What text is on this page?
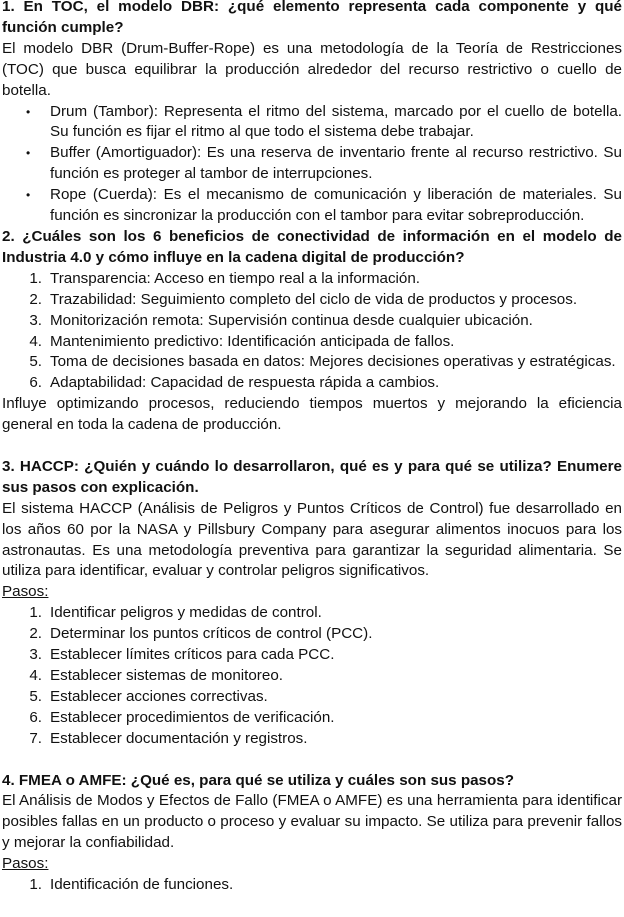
1. En TOC, el modelo DBR: ¿qué elemento representa cada componente y qué función cumple?

El modelo DBR (Drum-Buffer-Rope) es una metodología de la Teoría de Restricciones (TOC) que busca equilibrar la producción alrededor del recurso restrictivo o cuello de botella.

• Drum (Tambor): Representa el ritmo del sistema, marcado por el cuello de botella. Su función es fijar el ritmo al que todo el sistema debe trabajar.
• Buffer (Amortiguador): Es una reserva de inventario frente al recurso restrictivo. Su función es proteger al tambor de interrupciones.
• Rope (Cuerda): Es el mecanismo de comunicación y liberación de materiales. Su función es sincronizar la producción con el tambor para evitar sobreproducción.

2. ¿Cuáles son los 6 beneficios de conectividad de información en el modelo de Industria 4.0 y cómo influye en la cadena digital de producción?

1. Transparencia: Acceso en tiempo real a la información.
2. Trazabilidad: Seguimiento completo del ciclo de vida de productos y procesos.
3. Monitorización remota: Supervisión continua desde cualquier ubicación.
4. Mantenimiento predictivo: Identificación anticipada de fallos.
5. Toma de decisiones basada en datos: Mejores decisiones operativas y estratégicas.
6. Adaptabilidad: Capacidad de respuesta rápida a cambios.

Influye optimizando procesos, reduciendo tiempos muertos y mejorando la eficiencia general en toda la cadena de producción.

3. HACCP: ¿Quién y cuándo lo desarrollaron, qué es y para qué se utiliza? Enumere sus pasos con explicación.

El sistema HACCP (Análisis de Peligros y Puntos Críticos de Control) fue desarrollado en los años 60 por la NASA y Pillsbury Company para asegurar alimentos inocuos para los astronautas. Es una metodología preventiva para garantizar la seguridad alimentaria. Se utiliza para identificar, evaluar y controlar peligros significativos.

Pasos:

1. Identificar peligros y medidas de control.
2. Determinar los puntos críticos de control (PCC).
3. Establecer límites críticos para cada PCC.
4. Establecer sistemas de monitoreo.
5. Establecer acciones correctivas.
6. Establecer procedimientos de verificación.
7. Establecer documentación y registros.

4. FMEA o AMFE: ¿Qué es, para qué se utiliza y cuáles son sus pasos?

El Análisis de Modos y Efectos de Fallo (FMEA o AMFE) es una herramienta para identificar posibles fallas en un producto o proceso y evaluar su impacto. Se utiliza para prevenir fallos y mejorar la confiabilidad.

Pasos:

1. Identificación de funciones.
